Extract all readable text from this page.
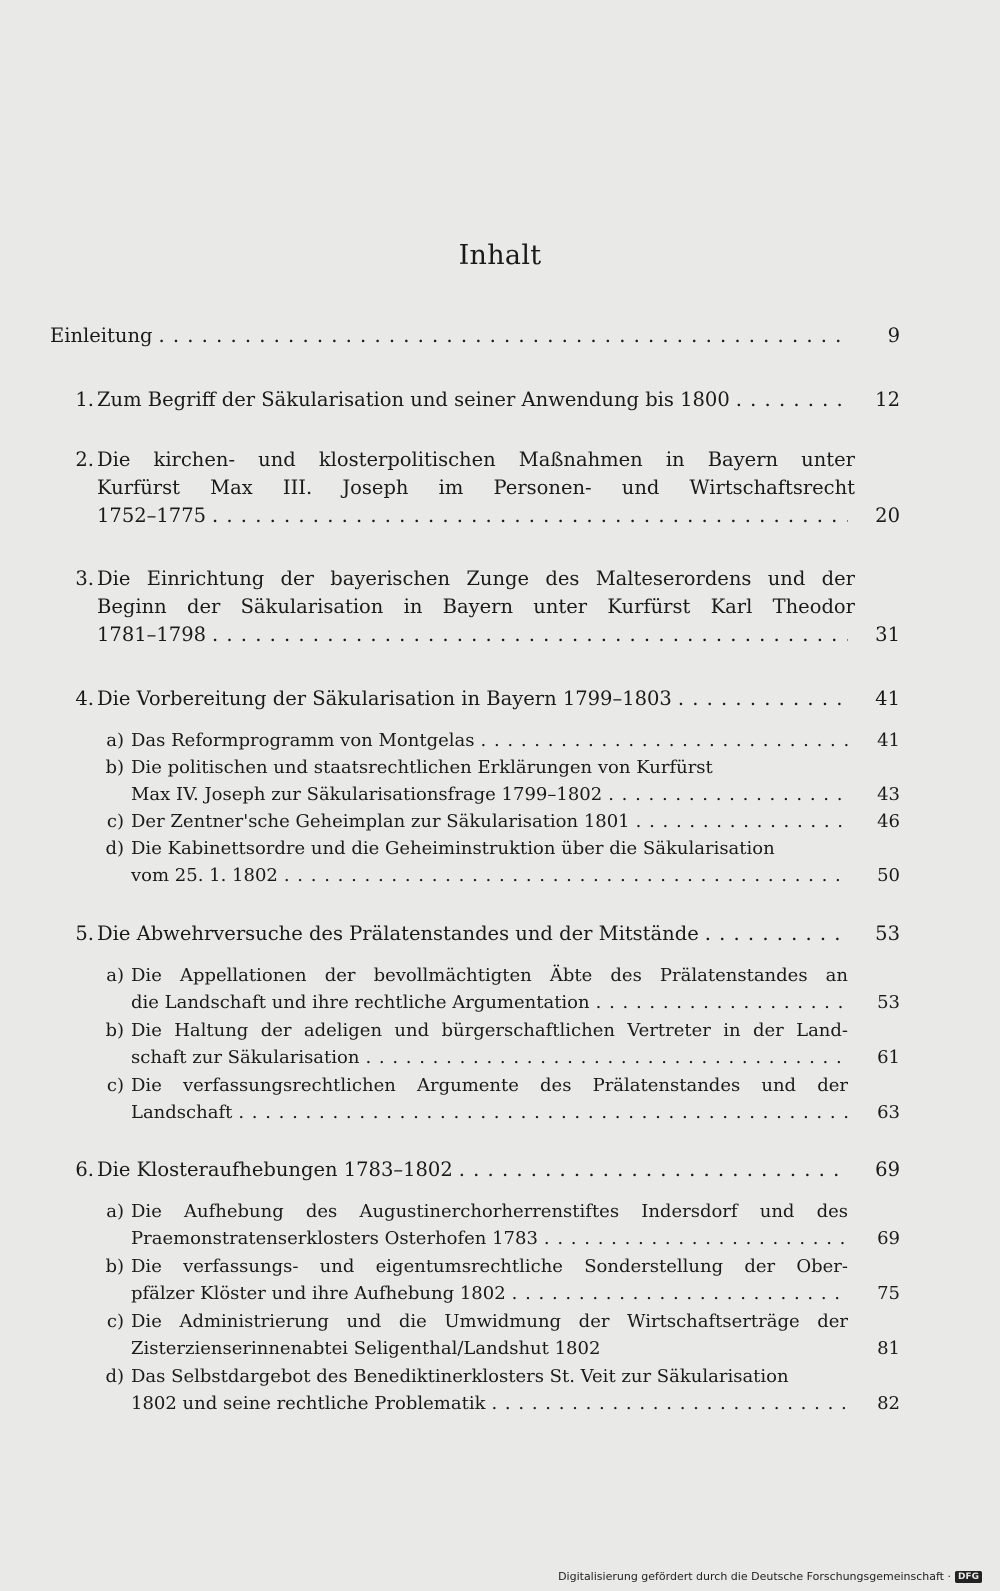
Inhalt
Einleitung . . .	9
1. Zum Begriff der Säkularisation und seiner Anwendung bis 1800 . . .	12
2. Die kirchen- und klosterpolitischen Maßnahmen in Bayern unter
Kurfürst Max III. Joseph im Personen- und Wirtschaftsrecht
1752–1775 . . .	20
3. Die Einrichtung der bayerischen Zunge des Malteserordens und der
Beginn der Säkularisation in Bayern unter Kurfürst Karl Theodor
1781–1798 . . .	31
4. Die Vorbereitung der Säkularisation in Bayern 1799–1803 . . .	41
a) Das Reformprogramm von Montgelas . . .	41
b) Die politischen und staatsrechtlichen Erklärungen von Kurfürst
Max IV. Joseph zur Säkularisationsfrage 1799–1802 . . .	43
c) Der Zentner'sche Geheimplan zur Säkularisation 1801 . . .	46
d) Die Kabinettsordre und die Geheiminstruktion über die Säkularisation
vom 25. 1. 1802 . . .	50
5. Die Abwehrversuche des Prälatenstandes und der Mitstände . . .	53
a) Die Appellationen der bevollmächtigten Äbte des Prälatenstandes an
die Landschaft und ihre rechtliche Argumentation . . .	53
b) Die Haltung der adeligen und bürgerschaftlichen Vertreter in der Land-
schaft zur Säkularisation . . .	61
c) Die verfassungsrechtlichen Argumente des Prälatenstandes und der
Landschaft . . .	63
6. Die Klosteraufhebungen 1783–1802 . . .	69
a) Die Aufhebung des Augustinerchorherrenstiftes Indersdorf und des
Praemonstratenserklosters Osterhofen 1783 . . .	69
b) Die verfassungs- und eigentumsrechtliche Sonderstellung der Ober-
pfälzer Klöster und ihre Aufhebung 1802 . . .	75
c) Die Administrierung und die Umwidmung der Wirtschaftserträge der
Zisterzienserinnenabtei Seligenthal/Landshut 1802	81
d) Das Selbstdargebot des Benediktinerklosters St. Veit zur Säkularisation
1802 und seine rechtliche Problematik . . .	82
Digitalisierung gefördert durch die Deutsche Forschungsgemeinschaft · DFG
